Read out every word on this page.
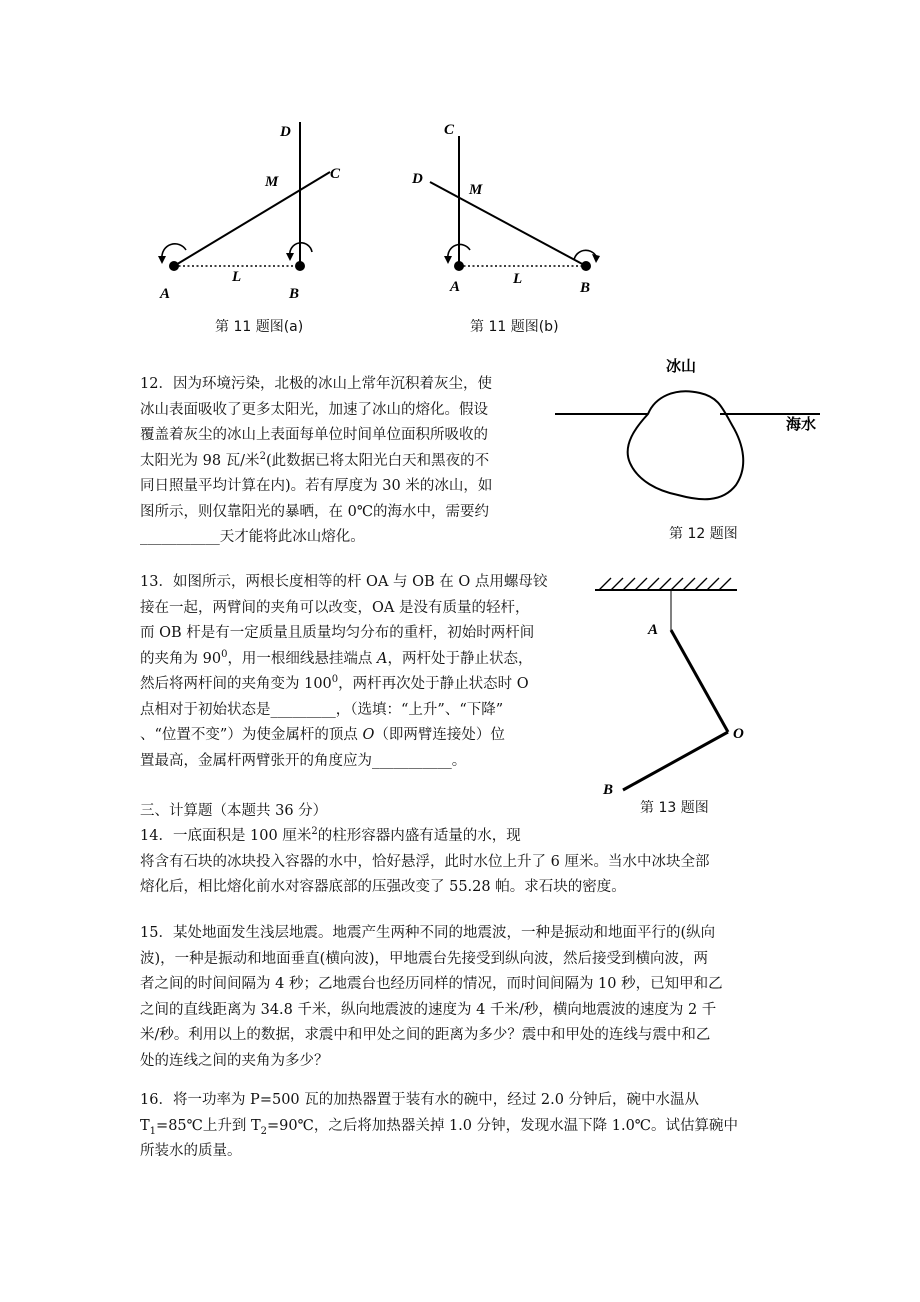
D
M	C
A	B
L
第 11 题图(a)
C
D
M
A	B
L
第 11 题图(b)
冰山
海水
第 12 题图
A
O
B
第 13 题图
12．因为环境污染，北极的冰山上常年沉积着灰尘，使
冰山表面吸收了更多太阳光，加速了冰山的熔化。假设
覆盖着灰尘的冰山上表面每单位时间单位面积所吸收的
太阳光为 98 瓦/米$^2$(此数据已将太阳光白天和黑夜的不
同日照量平均计算在内)。若有厚度为 30 米的冰山，如
图所示，则仅靠阳光的暴晒，在 0℃的海水中，需要约
___________天才能将此冰山熔化。
13．如图所示，两根长度相等的杆 OA 与 OB 在 O 点用螺母铰
接在一起，两臂间的夹角可以改变，OA 是没有质量的轻杆，
而 OB 杆是有一定质量且质量均匀分布的重杆，初始时两杆间
的夹角为 $90^0$，用一根细线悬挂端点 A，两杆处于静止状态，
然后将两杆间的夹角变为 $100^0$，两杆再次处于静止状态时 O
点相对于初始状态是_________，（选填：“上升”、“下降”
、“位置不变”）为使金属杆的顶点 O（即两臂连接处）位
置最高，金属杆两臂张开的角度应为___________。
三、计算题（本题共 36 分）
14．一底面积是 100 厘米$^2$的柱形容器内盛有适量的水，现
将含有石块的冰块投入容器的水中，恰好悬浮，此时水位上升了 6 厘米。当水中冰块全部
熔化后，相比熔化前水对容器底部的压强改变了 55.28 帕。求石块的密度。
15．某处地面发生浅层地震。地震产生两种不同的地震波，一种是振动和地面平行的(纵向
波)，一种是振动和地面垂直(横向波)，甲地震台先接受到纵向波，然后接受到横向波，两
者之间的时间间隔为 4 秒；乙地震台也经历同样的情况，而时间间隔为 10 秒，已知甲和乙
之间的直线距离为 34.8 千米，纵向地震波的速度为 4 千米/秒，横向地震波的速度为 2 千
米/秒。利用以上的数据，求震中和甲处之间的距离为多少？震中和甲处的连线与震中和乙
处的连线之间的夹角为多少？
16．将一功率为 P=500 瓦的加热器置于装有水的碗中，经过 2.0 分钟后，碗中水温从
$T_1=85℃$上升到 $T_2=90℃$，之后将加热器关掉 1.0 分钟，发现水温下降 1.0℃。试估算碗中
所装水的质量。
